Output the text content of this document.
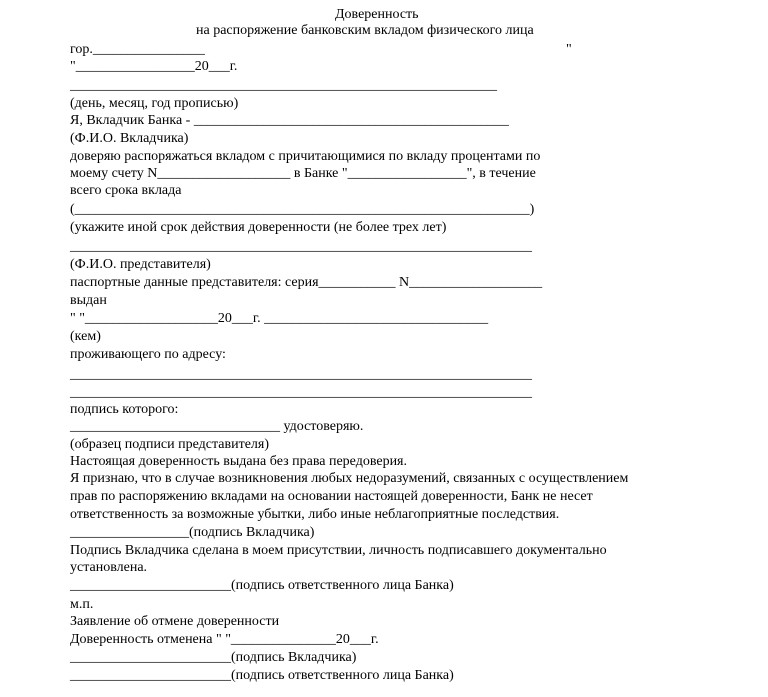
Доверенность
на распоряжение банковским вкладом физического лица
гор.________________	"
"_________________20___г.
_____________________________________________________________
(день, месяц, год прописью)
Я, Вкладчик Банка - _____________________________________________
(Ф.И.О. Вкладчика)
доверяю распоряжаться вкладом с причитающимися по вкладу процентами по
моему счету N___________________ в Банке "_________________", в течение
всего срока вклада
(_________________________________________________________________)
(укажите иной срок действия доверенности (не более трех лет)
__________________________________________________________________
(Ф.И.О. представителя)
паспортные данные представителя: серия___________ N___________________
выдан
" "___________________20___г. ________________________________
(кем)
проживающего по адресу:
__________________________________________________________________
__________________________________________________________________
подпись которого:
______________________________ удостоверяю.
(образец подписи представителя)
Настоящая доверенность выдана без права передоверия.
Я признаю, что в случае возникновения любых недоразумений, связанных с осуществлением
прав по распоряжению вкладами на основании настоящей доверенности, Банк не несет
ответственность за возможные убытки, либо иные неблагоприятные последствия.
_________________(подпись Вкладчика)
Подпись Вкладчика сделана в моем присутствии, личность подписавшего документально
установлена.
_______________________(подпись ответственного лица Банка)
м.п.
Заявление об отмене доверенности
Доверенность отменена " "_______________20___г.
_______________________(подпись Вкладчика)
_______________________(подпись ответственного лица Банка)
